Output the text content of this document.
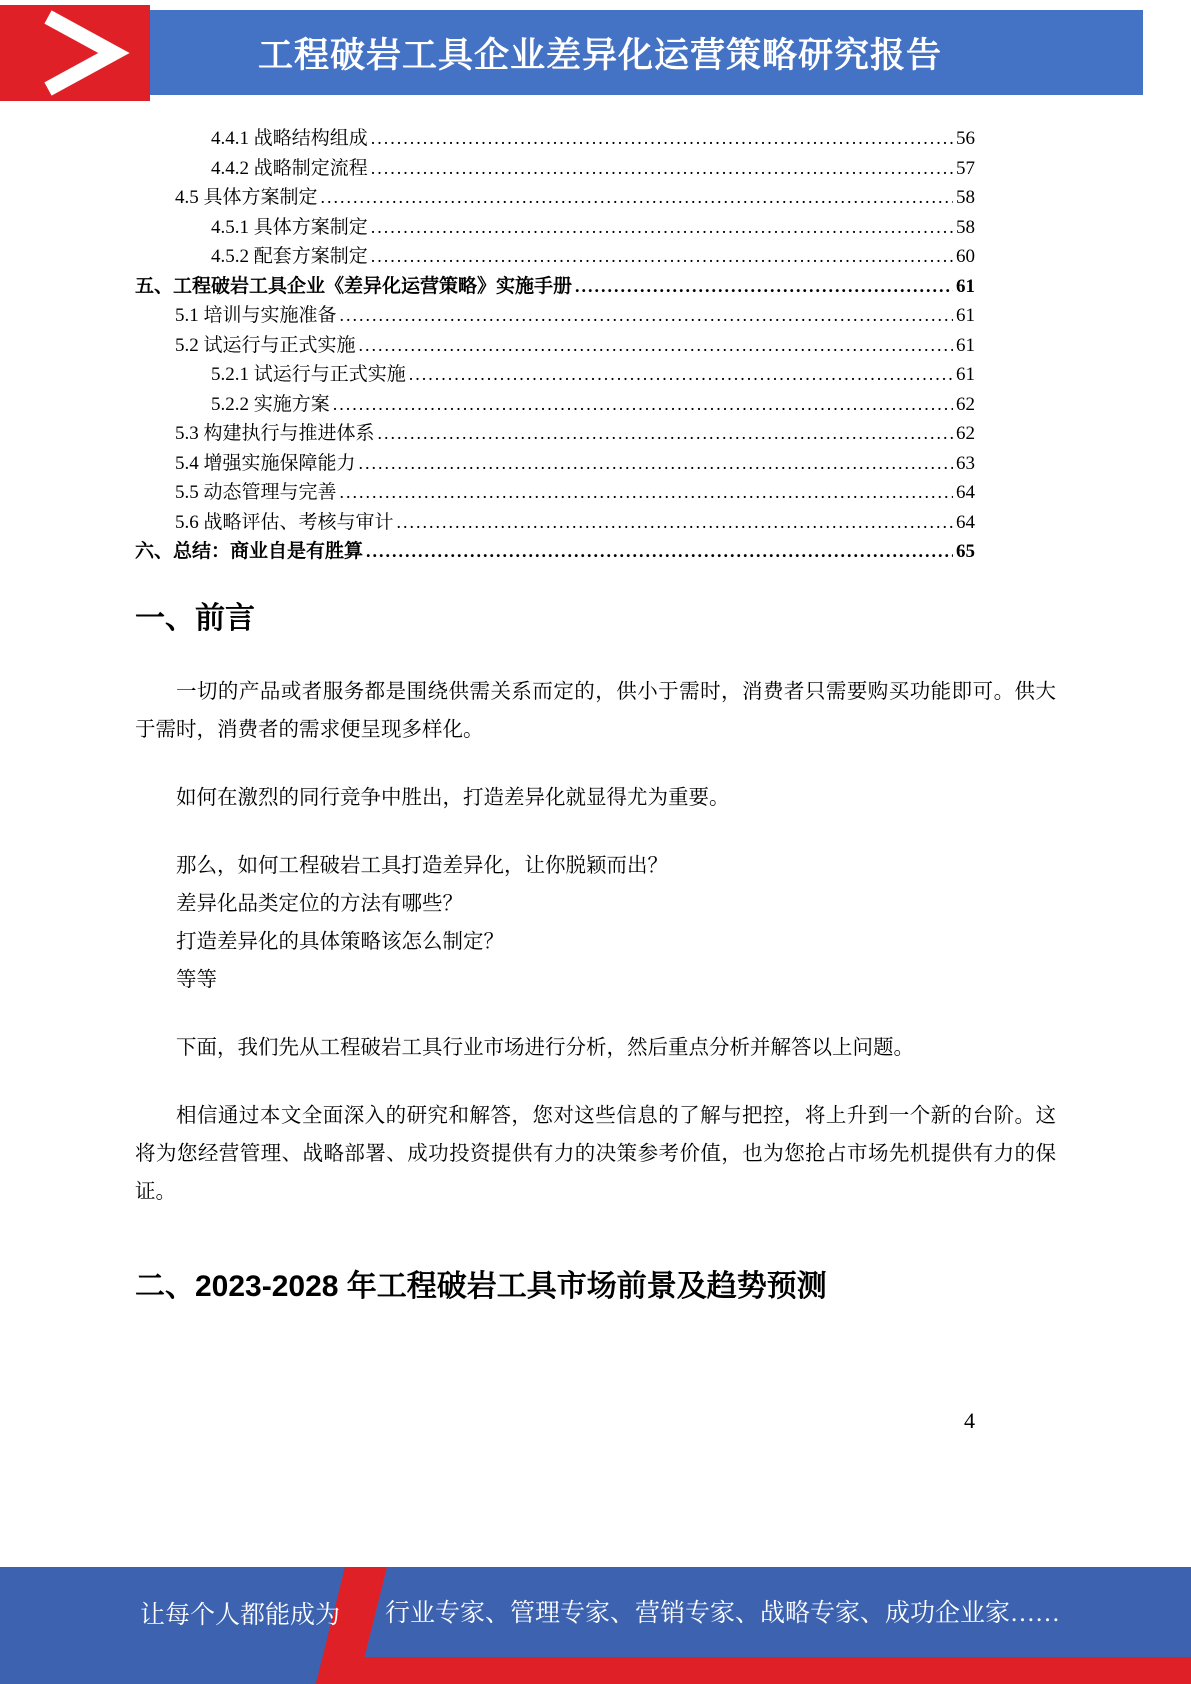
工程破岩工具企业差异化运营策略研究报告
4.4.1 战略结构组成 .....	56
4.4.2 战略制定流程 .....	57
4.5 具体方案制定 .....	58
4.5.1 具体方案制定 .....	58
4.5.2 配套方案制定 .....	60
五、工程破岩工具企业《差异化运营策略》实施手册 .....	61
5.1 培训与实施准备 .....	61
5.2 试运行与正式实施 .....	61
5.2.1 试运行与正式实施 .....	61
5.2.2 实施方案 .....	62
5.3 构建执行与推进体系 .....	62
5.4 增强实施保障能力 .....	63
5.5 动态管理与完善 .....	64
5.6 战略评估、考核与审计 .....	64
六、总结：商业自是有胜算 .....	65
一、前言

一切的产品或者服务都是围绕供需关系而定的，供小于需时，消费者只需要购买功能即可。供大于需时，消费者的需求便呈现多样化。

如何在激烈的同行竞争中胜出，打造差异化就显得尤为重要。

那么，如何工程破岩工具打造差异化，让你脱颖而出？

差异化品类定位的方法有哪些？

打造差异化的具体策略该怎么制定？

等等

下面，我们先从工程破岩工具行业市场进行分析，然后重点分析并解答以上问题。

相信通过本文全面深入的研究和解答，您对这些信息的了解与把控，将上升到一个新的台阶。这将为您经营管理、战略部署、成功投资提供有力的决策参考价值，也为您抢占市场先机提供有力的保证。

二、2023-2028 年工程破岩工具市场前景及趋势预测
4
让每个人都能成为 行业专家、管理专家、营销专家、战略专家、成功企业家……
